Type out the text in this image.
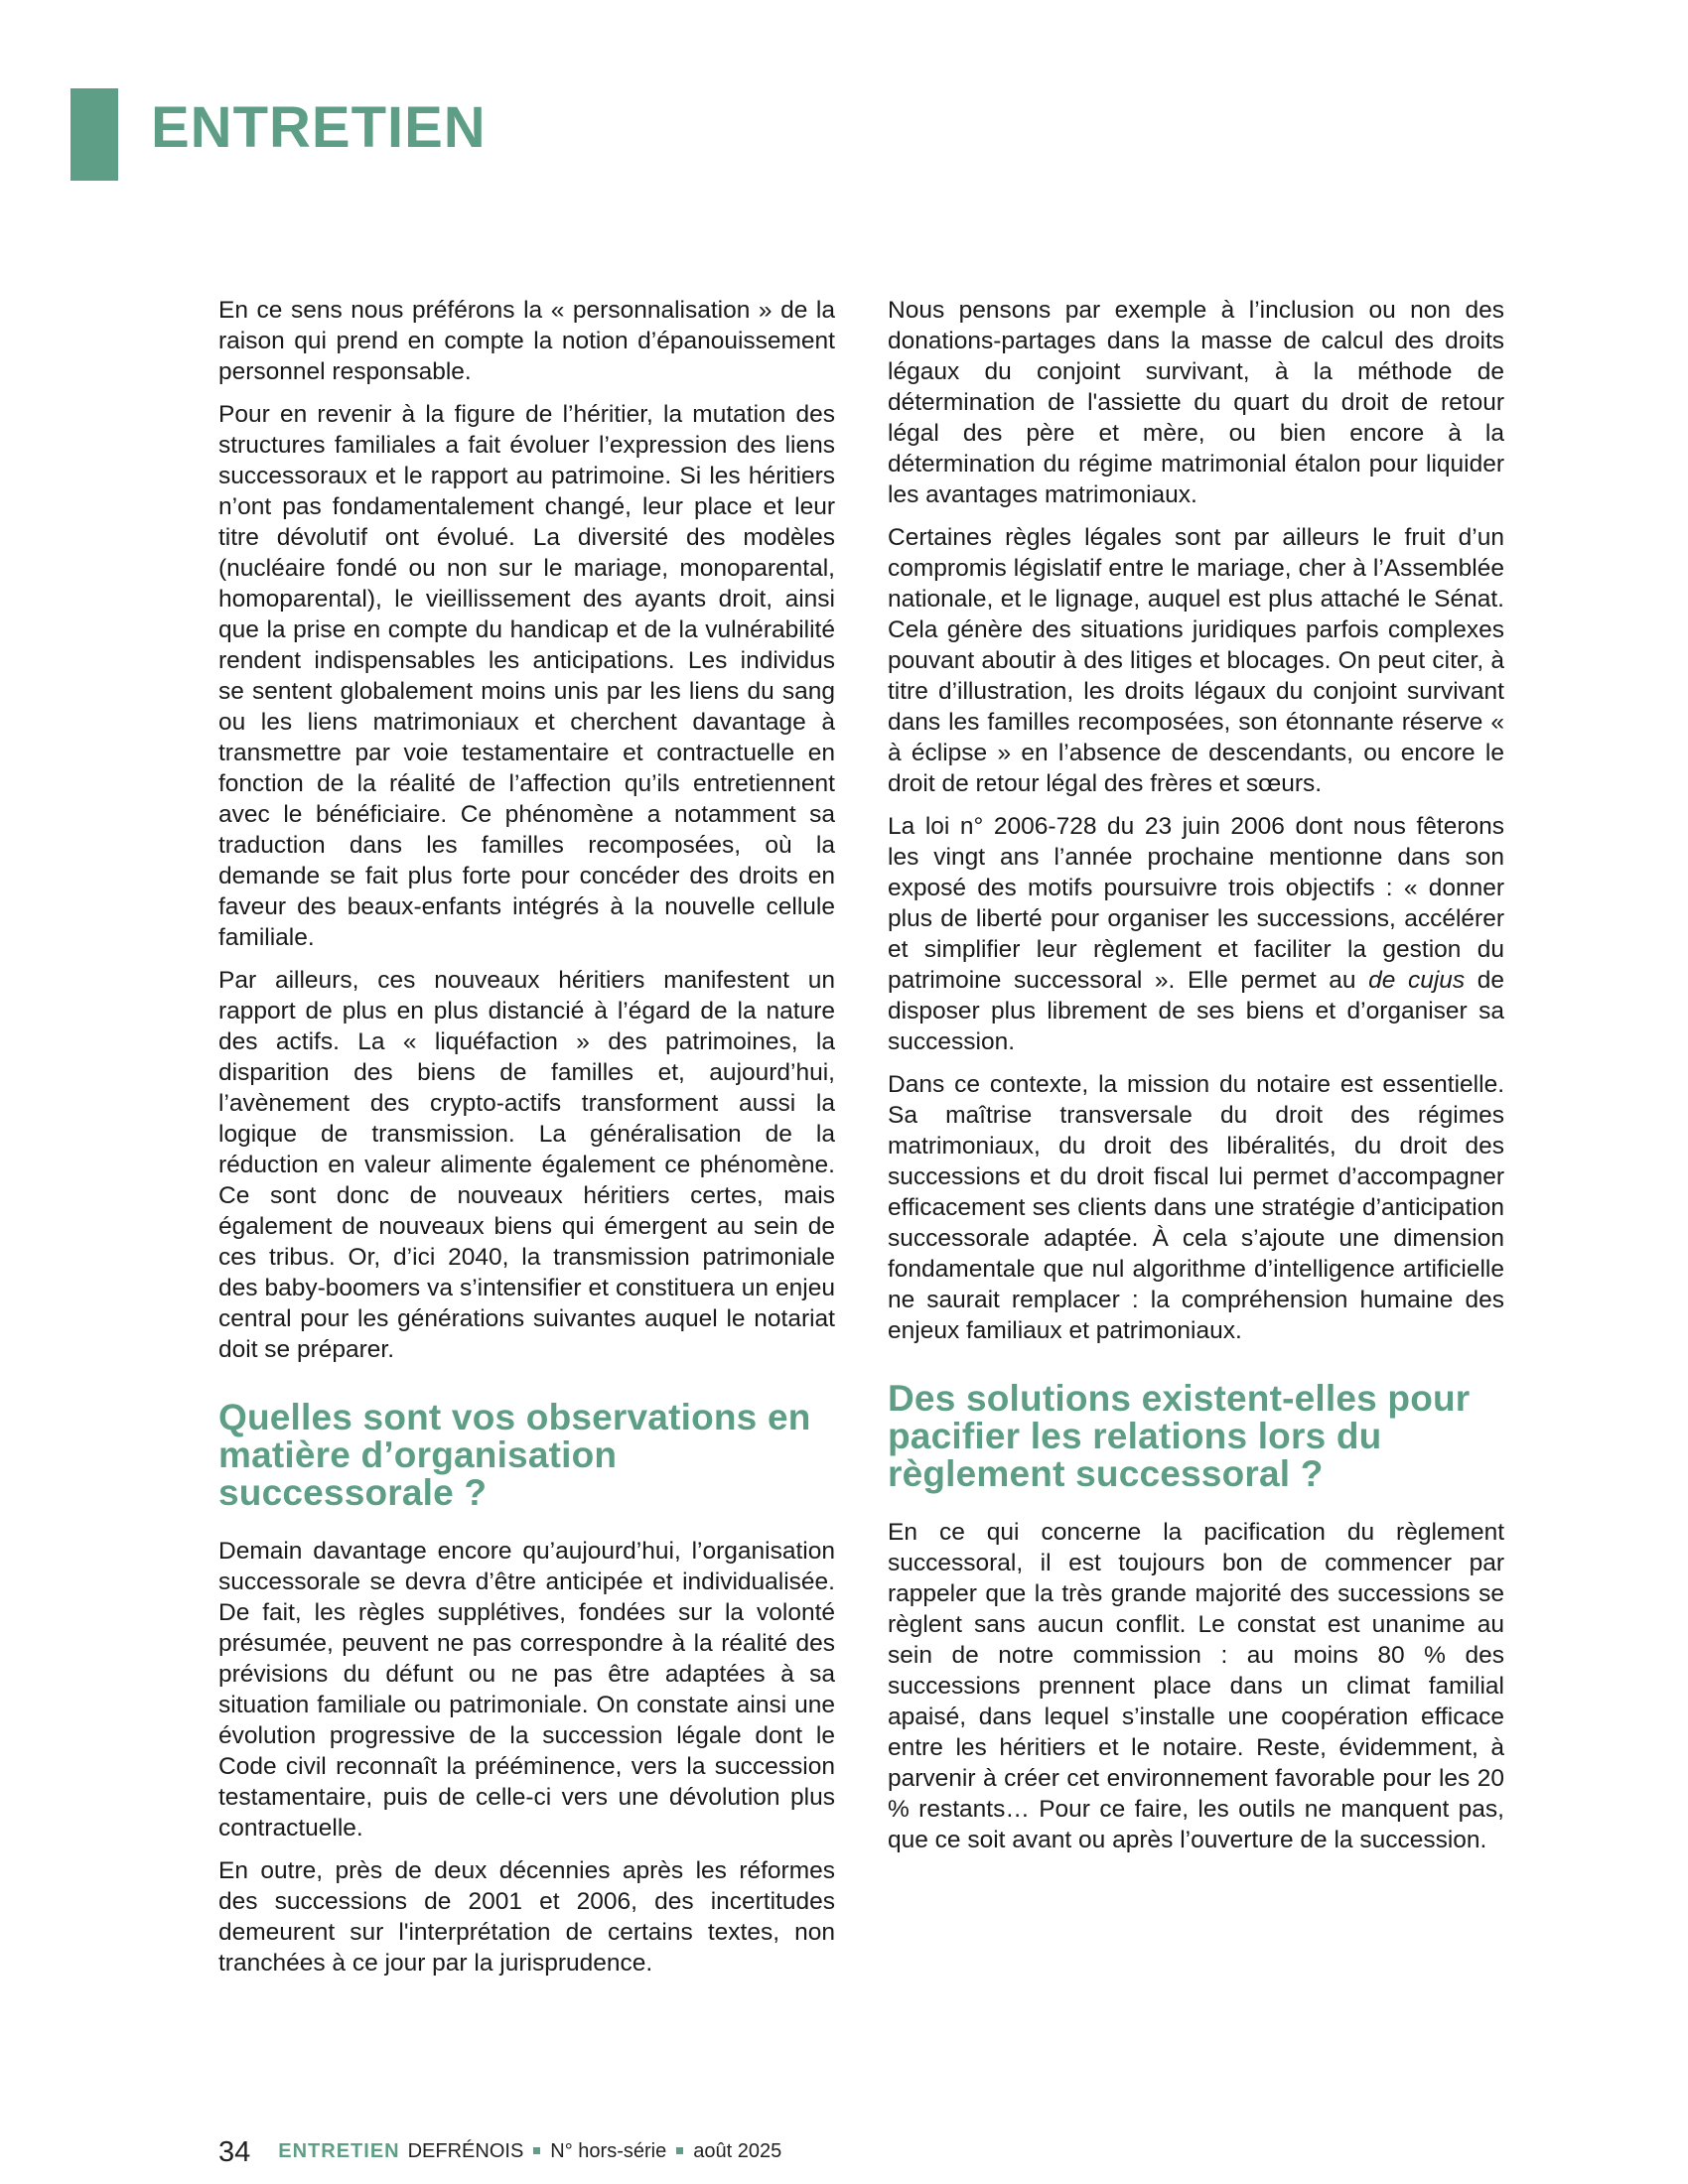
ENTRETIEN

En ce sens nous préférons la « personnalisation » de la raison qui prend en compte la notion d’épanouissement personnel responsable.

Pour en revenir à la figure de l’héritier, la mutation des structures familiales a fait évoluer l’expression des liens successoraux et le rapport au patrimoine. Si les héritiers n’ont pas fondamentalement changé, leur place et leur titre dévolutif ont évolué. La diversité des modèles (nucléaire fondé ou non sur le mariage, monoparental, homoparental), le vieillissement des ayants droit, ainsi que la prise en compte du handicap et de la vulnérabilité rendent indispensables les anticipations. Les individus se sentent globalement moins unis par les liens du sang ou les liens matrimoniaux et cherchent davantage à transmettre par voie testamentaire et contractuelle en fonction de la réalité de l’affection qu’ils entretiennent avec le bénéficiaire. Ce phénomène a notamment sa traduction dans les familles recomposées, où la demande se fait plus forte pour concéder des droits en faveur des beaux-enfants intégrés à la nouvelle cellule familiale.

Par ailleurs, ces nouveaux héritiers manifestent un rapport de plus en plus distancié à l’égard de la nature des actifs. La « liquéfaction » des patrimoines, la disparition des biens de familles et, aujourd’hui, l’avènement des crypto-actifs transforment aussi la logique de transmission. La généralisation de la réduction en valeur alimente également ce phénomène. Ce sont donc de nouveaux héritiers certes, mais également de nouveaux biens qui émergent au sein de ces tribus. Or, d’ici 2040, la transmission patrimoniale des baby-boomers va s’intensifier et constituera un enjeu central pour les générations suivantes auquel le notariat doit se préparer.

Quelles sont vos observations en matière d’organisation successorale ?

Demain davantage encore qu’aujourd’hui, l’organisation successorale se devra d’être anticipée et individualisée. De fait, les règles supplétives, fondées sur la volonté présumée, peuvent ne pas correspondre à la réalité des prévisions du défunt ou ne pas être adaptées à sa situation familiale ou patrimoniale. On constate ainsi une évolution progressive de la succession légale dont le Code civil reconnaît la prééminence, vers la succession testamentaire, puis de celle-ci vers une dévolution plus contractuelle.

En outre, près de deux décennies après les réformes des successions de 2001 et 2006, des incertitudes demeurent sur l'interprétation de certains textes, non tranchées à ce jour par la jurisprudence.

Nous pensons par exemple à l’inclusion ou non des donations-partages dans la masse de calcul des droits légaux du conjoint survivant, à la méthode de détermination de l'assiette du quart du droit de retour légal des père et mère, ou bien encore à la détermination du régime matrimonial étalon pour liquider les avantages matrimoniaux.

Certaines règles légales sont par ailleurs le fruit d’un compromis législatif entre le mariage, cher à l’Assemblée nationale, et le lignage, auquel est plus attaché le Sénat. Cela génère des situations juridiques parfois complexes pouvant aboutir à des litiges et blocages. On peut citer, à titre d’illustration, les droits légaux du conjoint survivant dans les familles recomposées, son étonnante réserve « à éclipse » en l’absence de descendants, ou encore le droit de retour légal des frères et sœurs.

La loi n° 2006-728 du 23 juin 2006 dont nous fêterons les vingt ans l’année prochaine mentionne dans son exposé des motifs poursuivre trois objectifs : « donner plus de liberté pour organiser les successions, accélérer et simplifier leur règlement et faciliter la gestion du patrimoine successoral ». Elle permet au de cujus de disposer plus librement de ses biens et d’organiser sa succession.

Dans ce contexte, la mission du notaire est essentielle. Sa maîtrise transversale du droit des régimes matrimoniaux, du droit des libéralités, du droit des successions et du droit fiscal lui permet d’accompagner efficacement ses clients dans une stratégie d’anticipation successorale adaptée. À cela s’ajoute une dimension fondamentale que nul algorithme d’intelligence artificielle ne saurait remplacer : la compréhension humaine des enjeux familiaux et patrimoniaux.

Des solutions existent-elles pour pacifier les relations lors du règlement successoral ?

En ce qui concerne la pacification du règlement successoral, il est toujours bon de commencer par rappeler que la très grande majorité des successions se règlent sans aucun conflit. Le constat est unanime au sein de notre commission : au moins 80 % des successions prennent place dans un climat familial apaisé, dans lequel s’installe une coopération efficace entre les héritiers et le notaire. Reste, évidemment, à parvenir à créer cet environnement favorable pour les 20 % restants… Pour ce faire, les outils ne manquent pas, que ce soit avant ou après l’ouverture de la succession.

34 ENTRETIEN DEFRÉNOIS N° hors-série août 2025
